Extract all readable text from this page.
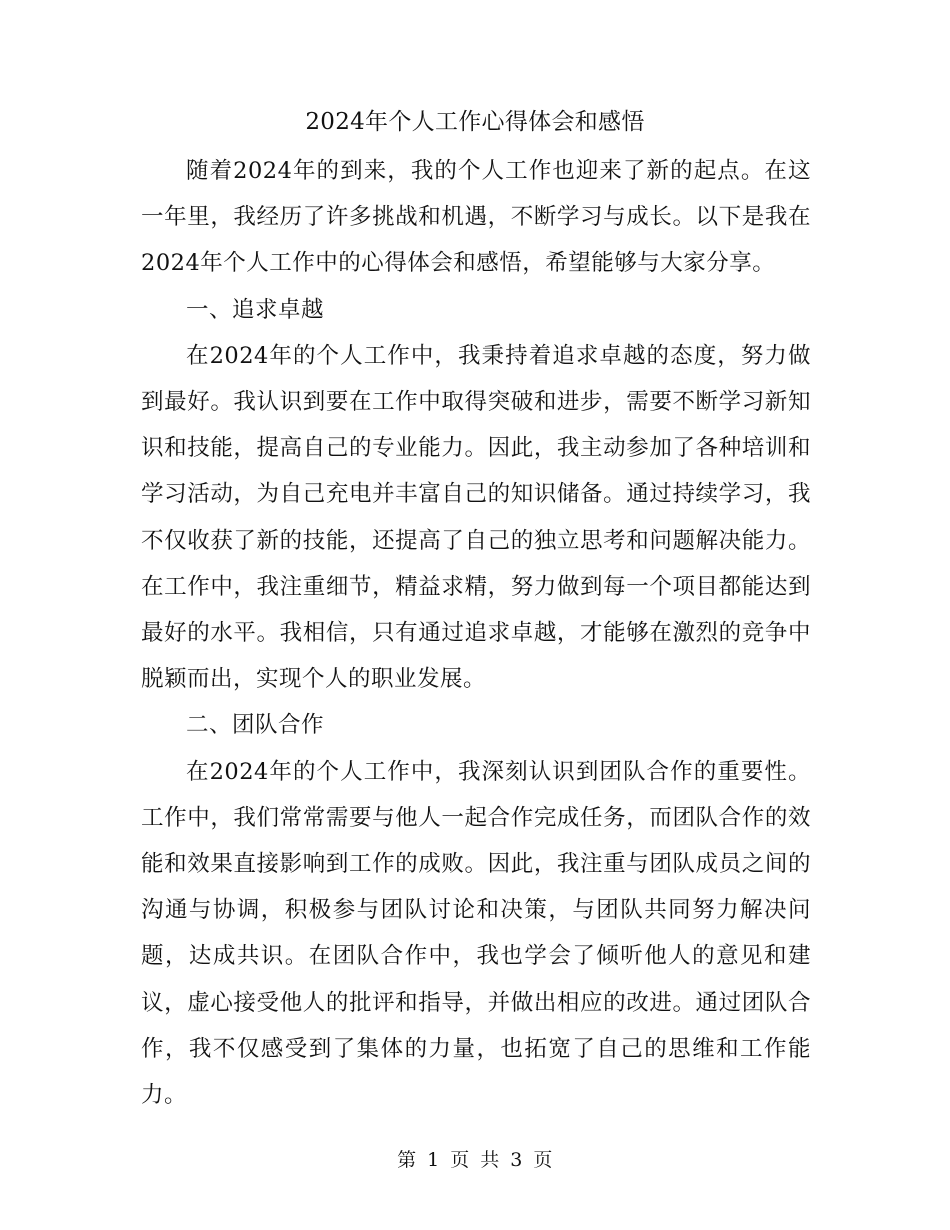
2024年个人工作心得体会和感悟

随着2024年的到来，我的个人工作也迎来了新的起点。在这一年里，我经历了许多挑战和机遇，不断学习与成长。以下是我在2024年个人工作中的心得体会和感悟，希望能够与大家分享。

一、追求卓越

在2024年的个人工作中，我秉持着追求卓越的态度，努力做到最好。我认识到要在工作中取得突破和进步，需要不断学习新知识和技能，提高自己的专业能力。因此，我主动参加了各种培训和学习活动，为自己充电并丰富自己的知识储备。通过持续学习，我不仅收获了新的技能，还提高了自己的独立思考和问题解决能力。在工作中，我注重细节，精益求精，努力做到每一个项目都能达到最好的水平。我相信，只有通过追求卓越，才能够在激烈的竞争中脱颖而出，实现个人的职业发展。

二、团队合作

在2024年的个人工作中，我深刻认识到团队合作的重要性。工作中，我们常常需要与他人一起合作完成任务，而团队合作的效能和效果直接影响到工作的成败。因此，我注重与团队成员之间的沟通与协调，积极参与团队讨论和决策，与团队共同努力解决问题，达成共识。在团队合作中，我也学会了倾听他人的意见和建议，虚心接受他人的批评和指导，并做出相应的改进。通过团队合作，我不仅感受到了集体的力量，也拓宽了自己的思维和工作能力。

第 1 页 共 3 页
